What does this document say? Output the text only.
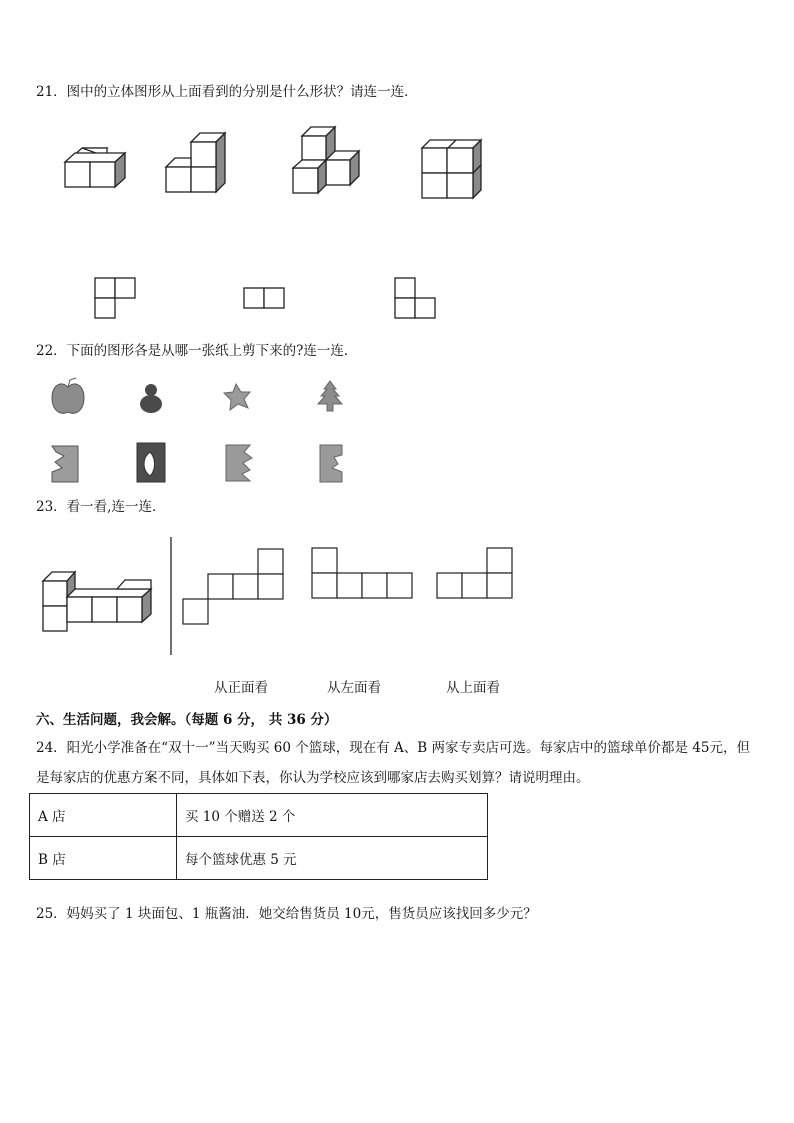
21．图中的立体图形从上面看到的分别是什么形状？请连一连．
22．下面的图形各是从哪一张纸上剪下来的?连一连．
23．看一看,连一连．
从正面看	从左面看	从上面看
六、生活问题，我会解。（每题 6 分， 共 36 分）
24．阳光小学准备在“双十一”当天购买 60 个篮球，现在有 A、B 两家专卖店可选。每家店中的篮球单价都是 45元，但
是每家店的优惠方案不同，具体如下表，你认为学校应该到哪家店去购买划算？请说明理由。
A 店	买 10 个赠送 2 个
B 店	每个篮球优惠 5 元
25．妈妈买了 1 块面包、1 瓶酱油．她交给售货员 10元，售货员应该找回多少元？
